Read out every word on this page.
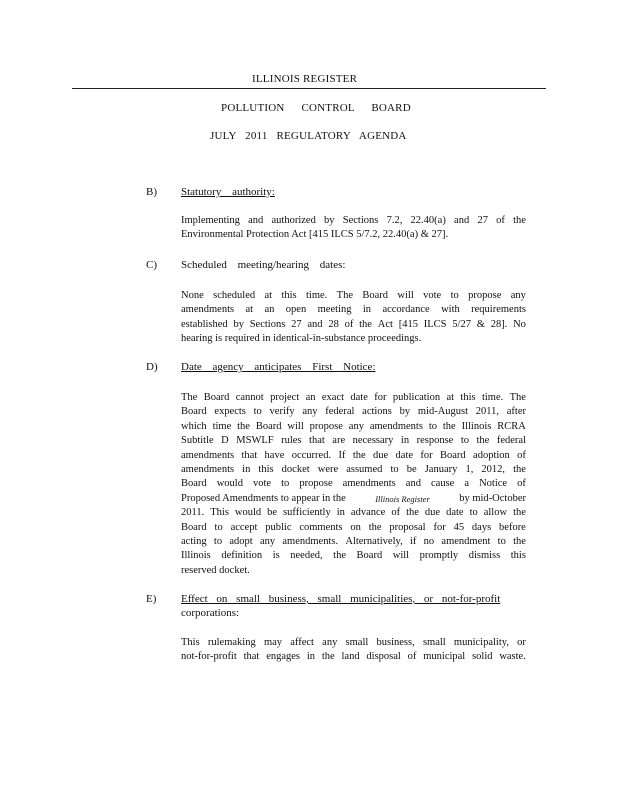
ILLINOIS REGISTER
POLLUTION CONTROL BOARD
JULY 2011 REGULATORY AGENDA
B) Statutory authority:
Implementing and authorized by Sections 7.2, 22.40(a) and 27 of the
Environmental Protection Act [415 ILCS 5/7.2, 22.40(a) & 27].
C) Scheduled meeting/hearing dates:
None scheduled at this time. The Board will vote to propose any
amendments at an open meeting in accordance with requirements
established by Sections 27 and 28 of the Act [415 ILCS 5/27 & 28]. No
hearing is required in identical-in-substance proceedings.
D) Date agency anticipates First Notice:
The Board cannot project an exact date for publication at this time. The
Board expects to verify any federal actions by mid-August 2011, after
which time the Board will propose any amendments to the Illinois RCRA
Subtitle D MSWLF rules that are necessary in response to the federal
amendments that have occurred. If the due date for Board adoption of
amendments in this docket were assumed to be January 1, 2012, the
Board would vote to propose amendments and cause a Notice of
Proposed Amendments to appear in the	Illinois Register	by mid-October
2011. This would be sufficiently in advance of the due date to allow the
Board to accept public comments on the proposal for 45 days before
acting to adopt any amendments. Alternatively, if no amendment to the
Illinois definition is needed, the Board will promptly dismiss this
reserved docket.
E) Effect on small business, small municipalities, or not-for-profit
corporations:
This rulemaking may affect any small business, small municipality, or
not-for-profit that engages in the land disposal of municipal solid waste.
